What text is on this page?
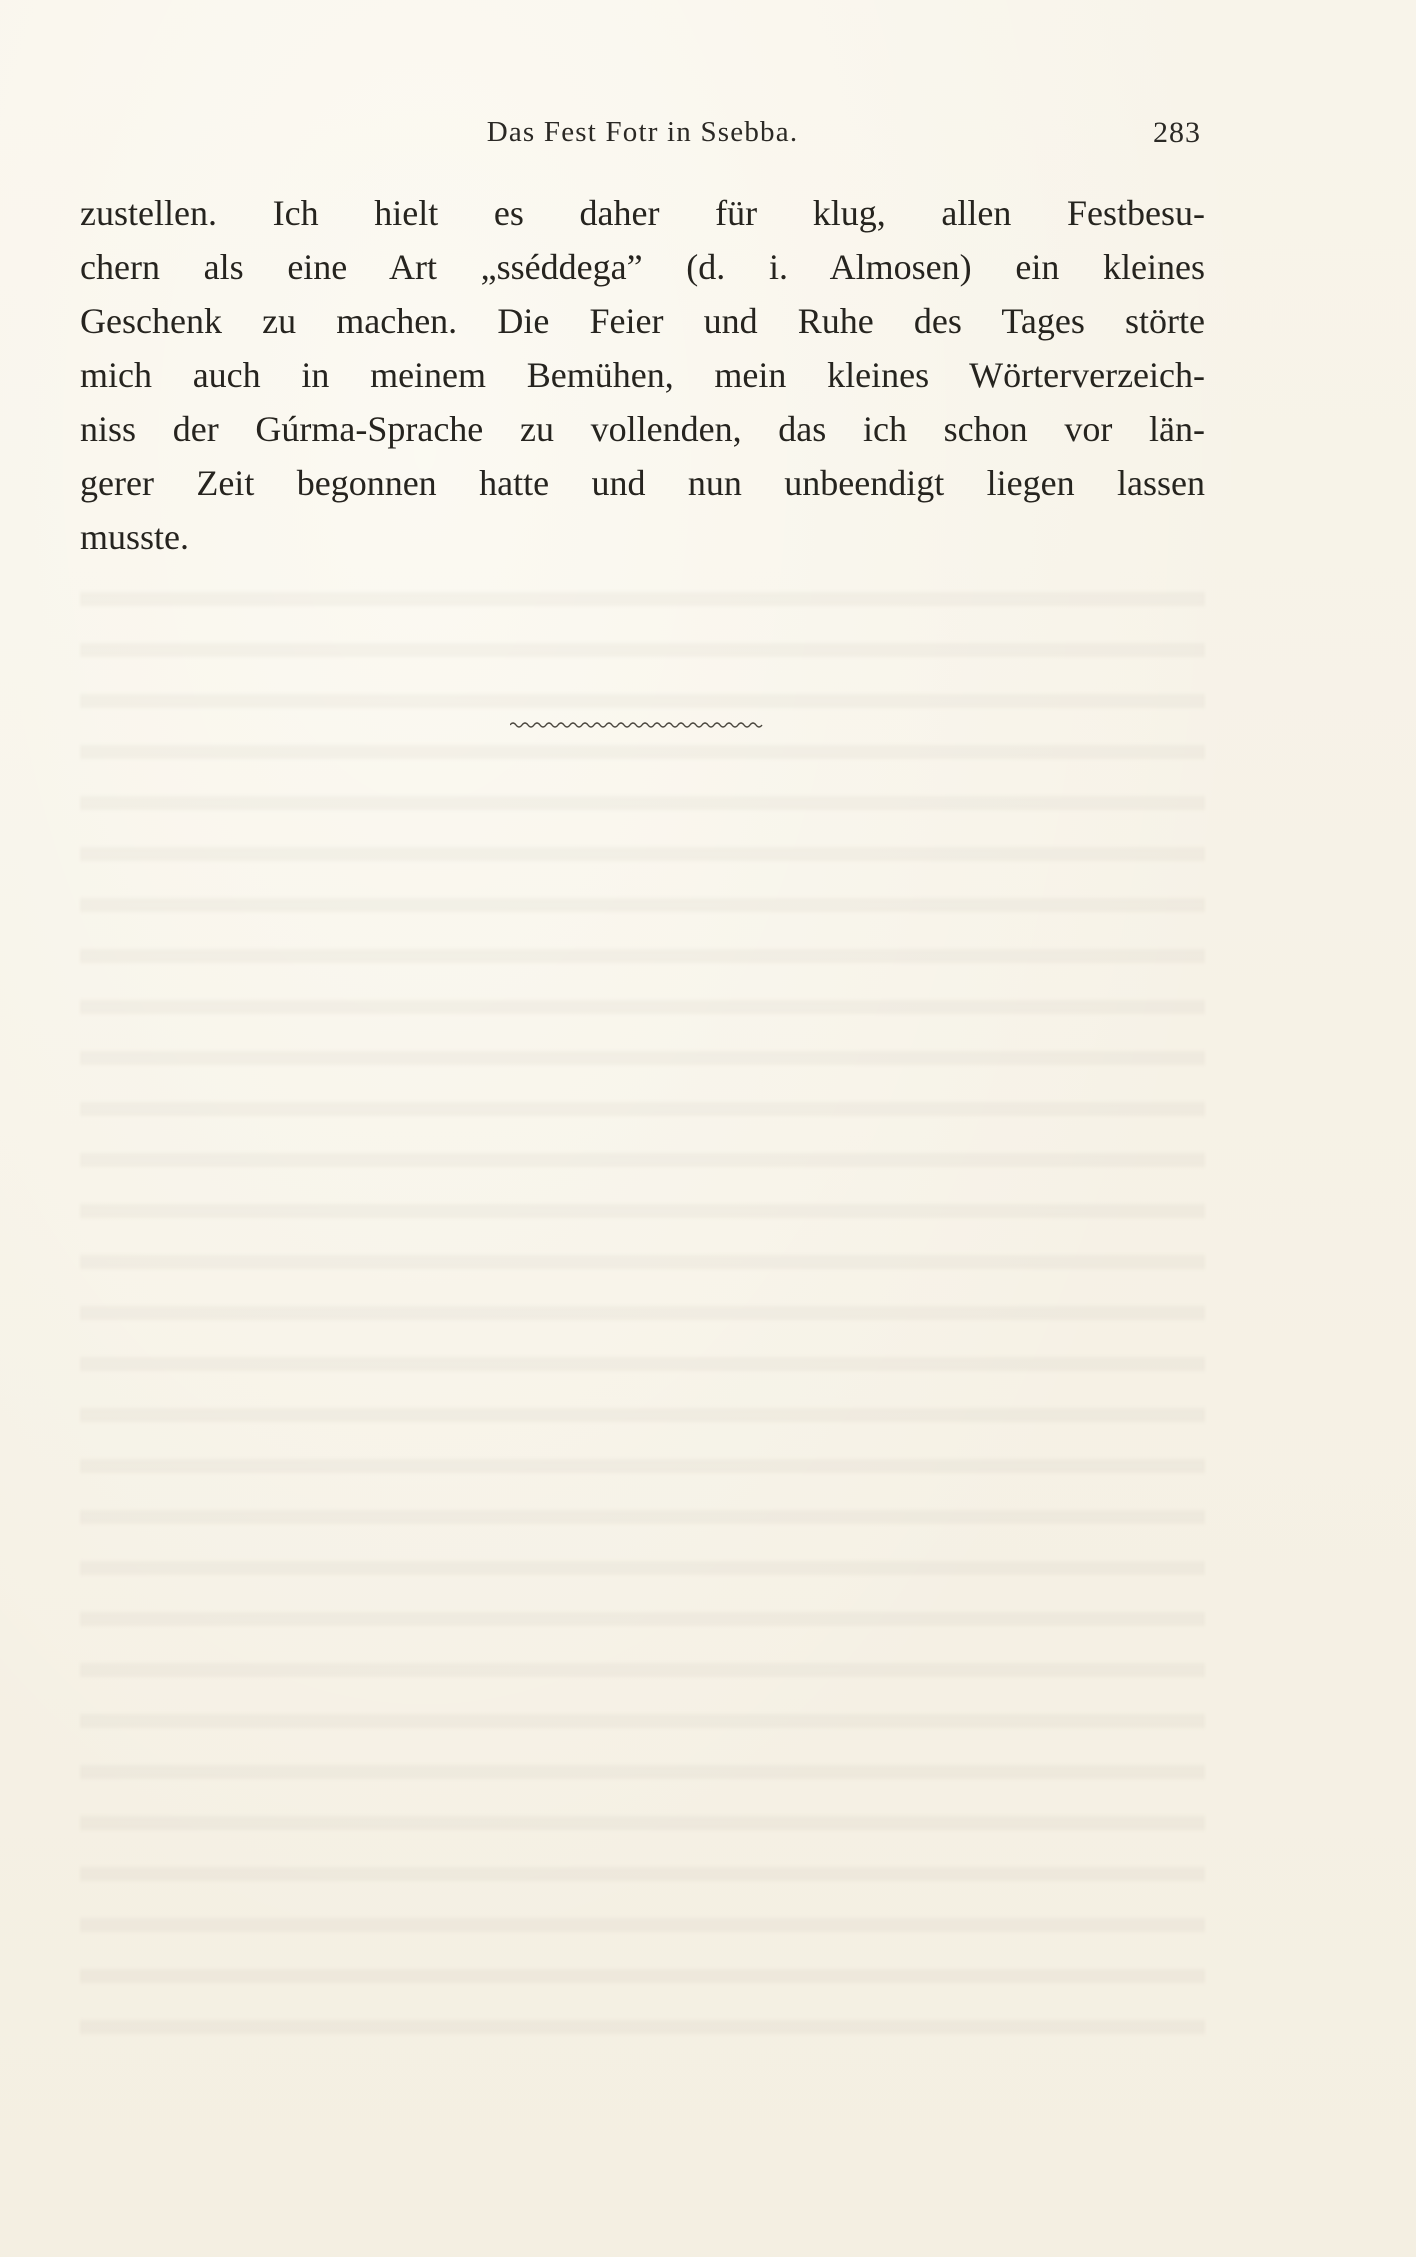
Das Fest Fotr in Ssebba.	283
zustellen. Ich hielt es daher für klug, allen Festbesu-
chern als eine Art „sséddega” (d. i. Almosen) ein kleines
Geschenk zu machen. Die Feier und Ruhe des Tages störte
mich auch in meinem Bemühen, mein kleines Wörterverzeich-
niss der Gúrma-Sprache zu vollenden, das ich schon vor län-
gerer Zeit begonnen hatte und nun unbeendigt liegen lassen
musste.
